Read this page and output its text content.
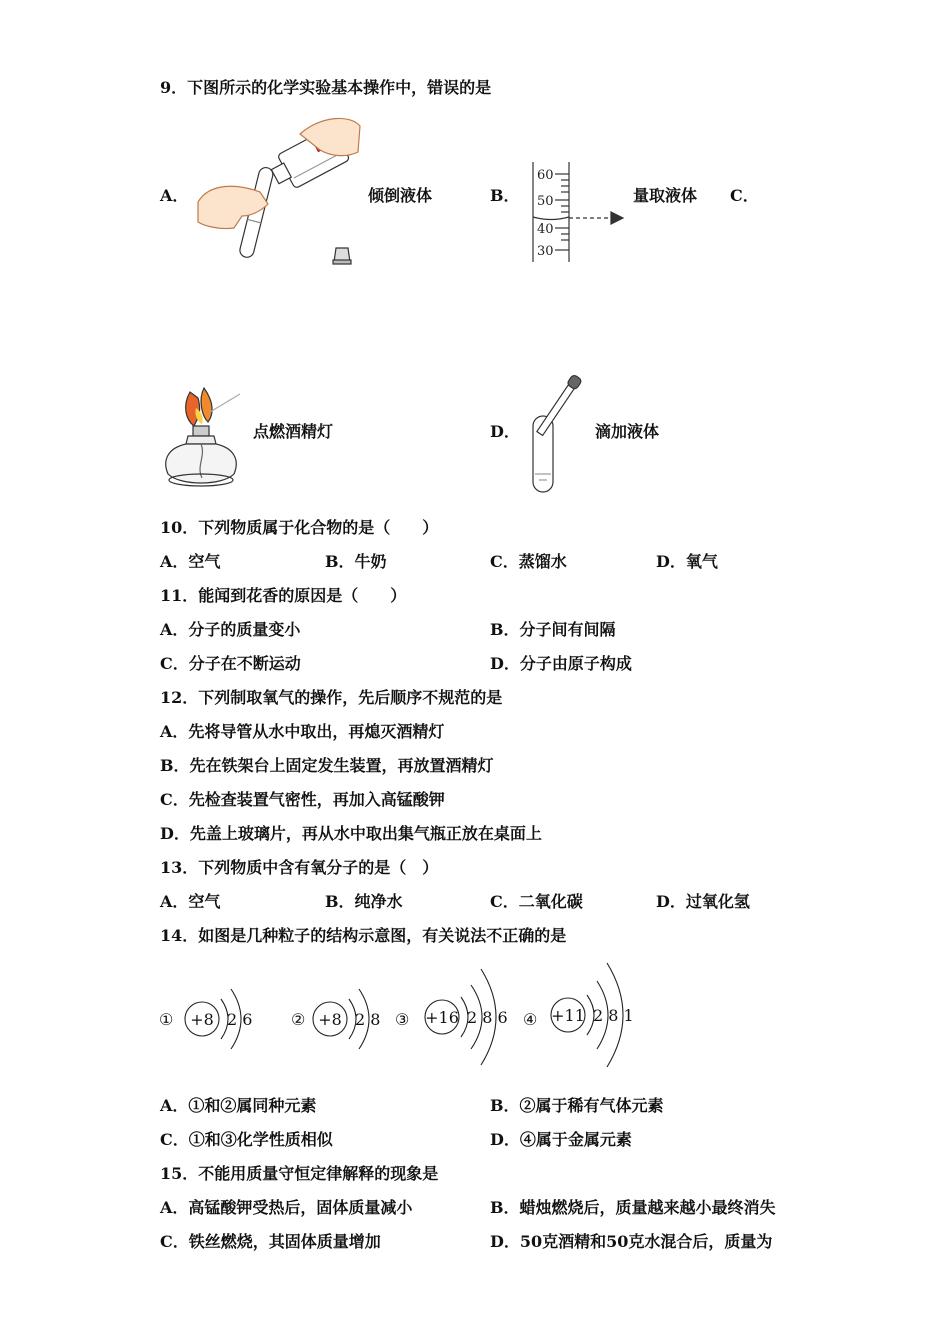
9．下图所示的化学实验基本操作中，错误的是
A．	倾倒液体	B．
60
50
40
30
量取液体 C．
点燃酒精灯	D．	滴加液体
10．下列物质属于化合物的是（　　）
A．空气	B．牛奶	C．蒸馏水	D．氧气
11．能闻到花香的原因是（　　）
A．分子的质量变小	B．分子间有间隔
C．分子在不断运动	D．分子由原子构成
12．下列制取氧气的操作，先后顺序不规范的是
A．先将导管从水中取出，再熄灭酒精灯
B．先在铁架台上固定发生装置，再放置酒精灯
C．先检查装置气密性，再加入高锰酸钾
D．先盖上玻璃片，再从水中取出集气瓶正放在桌面上
13．下列物质中含有氧分子的是（　）
A．空气	B．纯净水	C．二氧化碳	D．过氧化氢
14．如图是几种粒子的结构示意图，有关说法不正确的是
① +8 2 6 ② +8 2 8 ③ +16 2 8 6 ④ +11 2 8 1
A．①和②属同种元素	B．②属于稀有气体元素
C．①和③化学性质相似	D．④属于金属元素
15．不能用质量守恒定律解释的现象是
A．高锰酸钾受热后，固体质量减小	B．蜡烛燃烧后，质量越来越小最终消失
C．铁丝燃烧，其固体质量增加	D．50克酒精和50克水混合后，质量为
